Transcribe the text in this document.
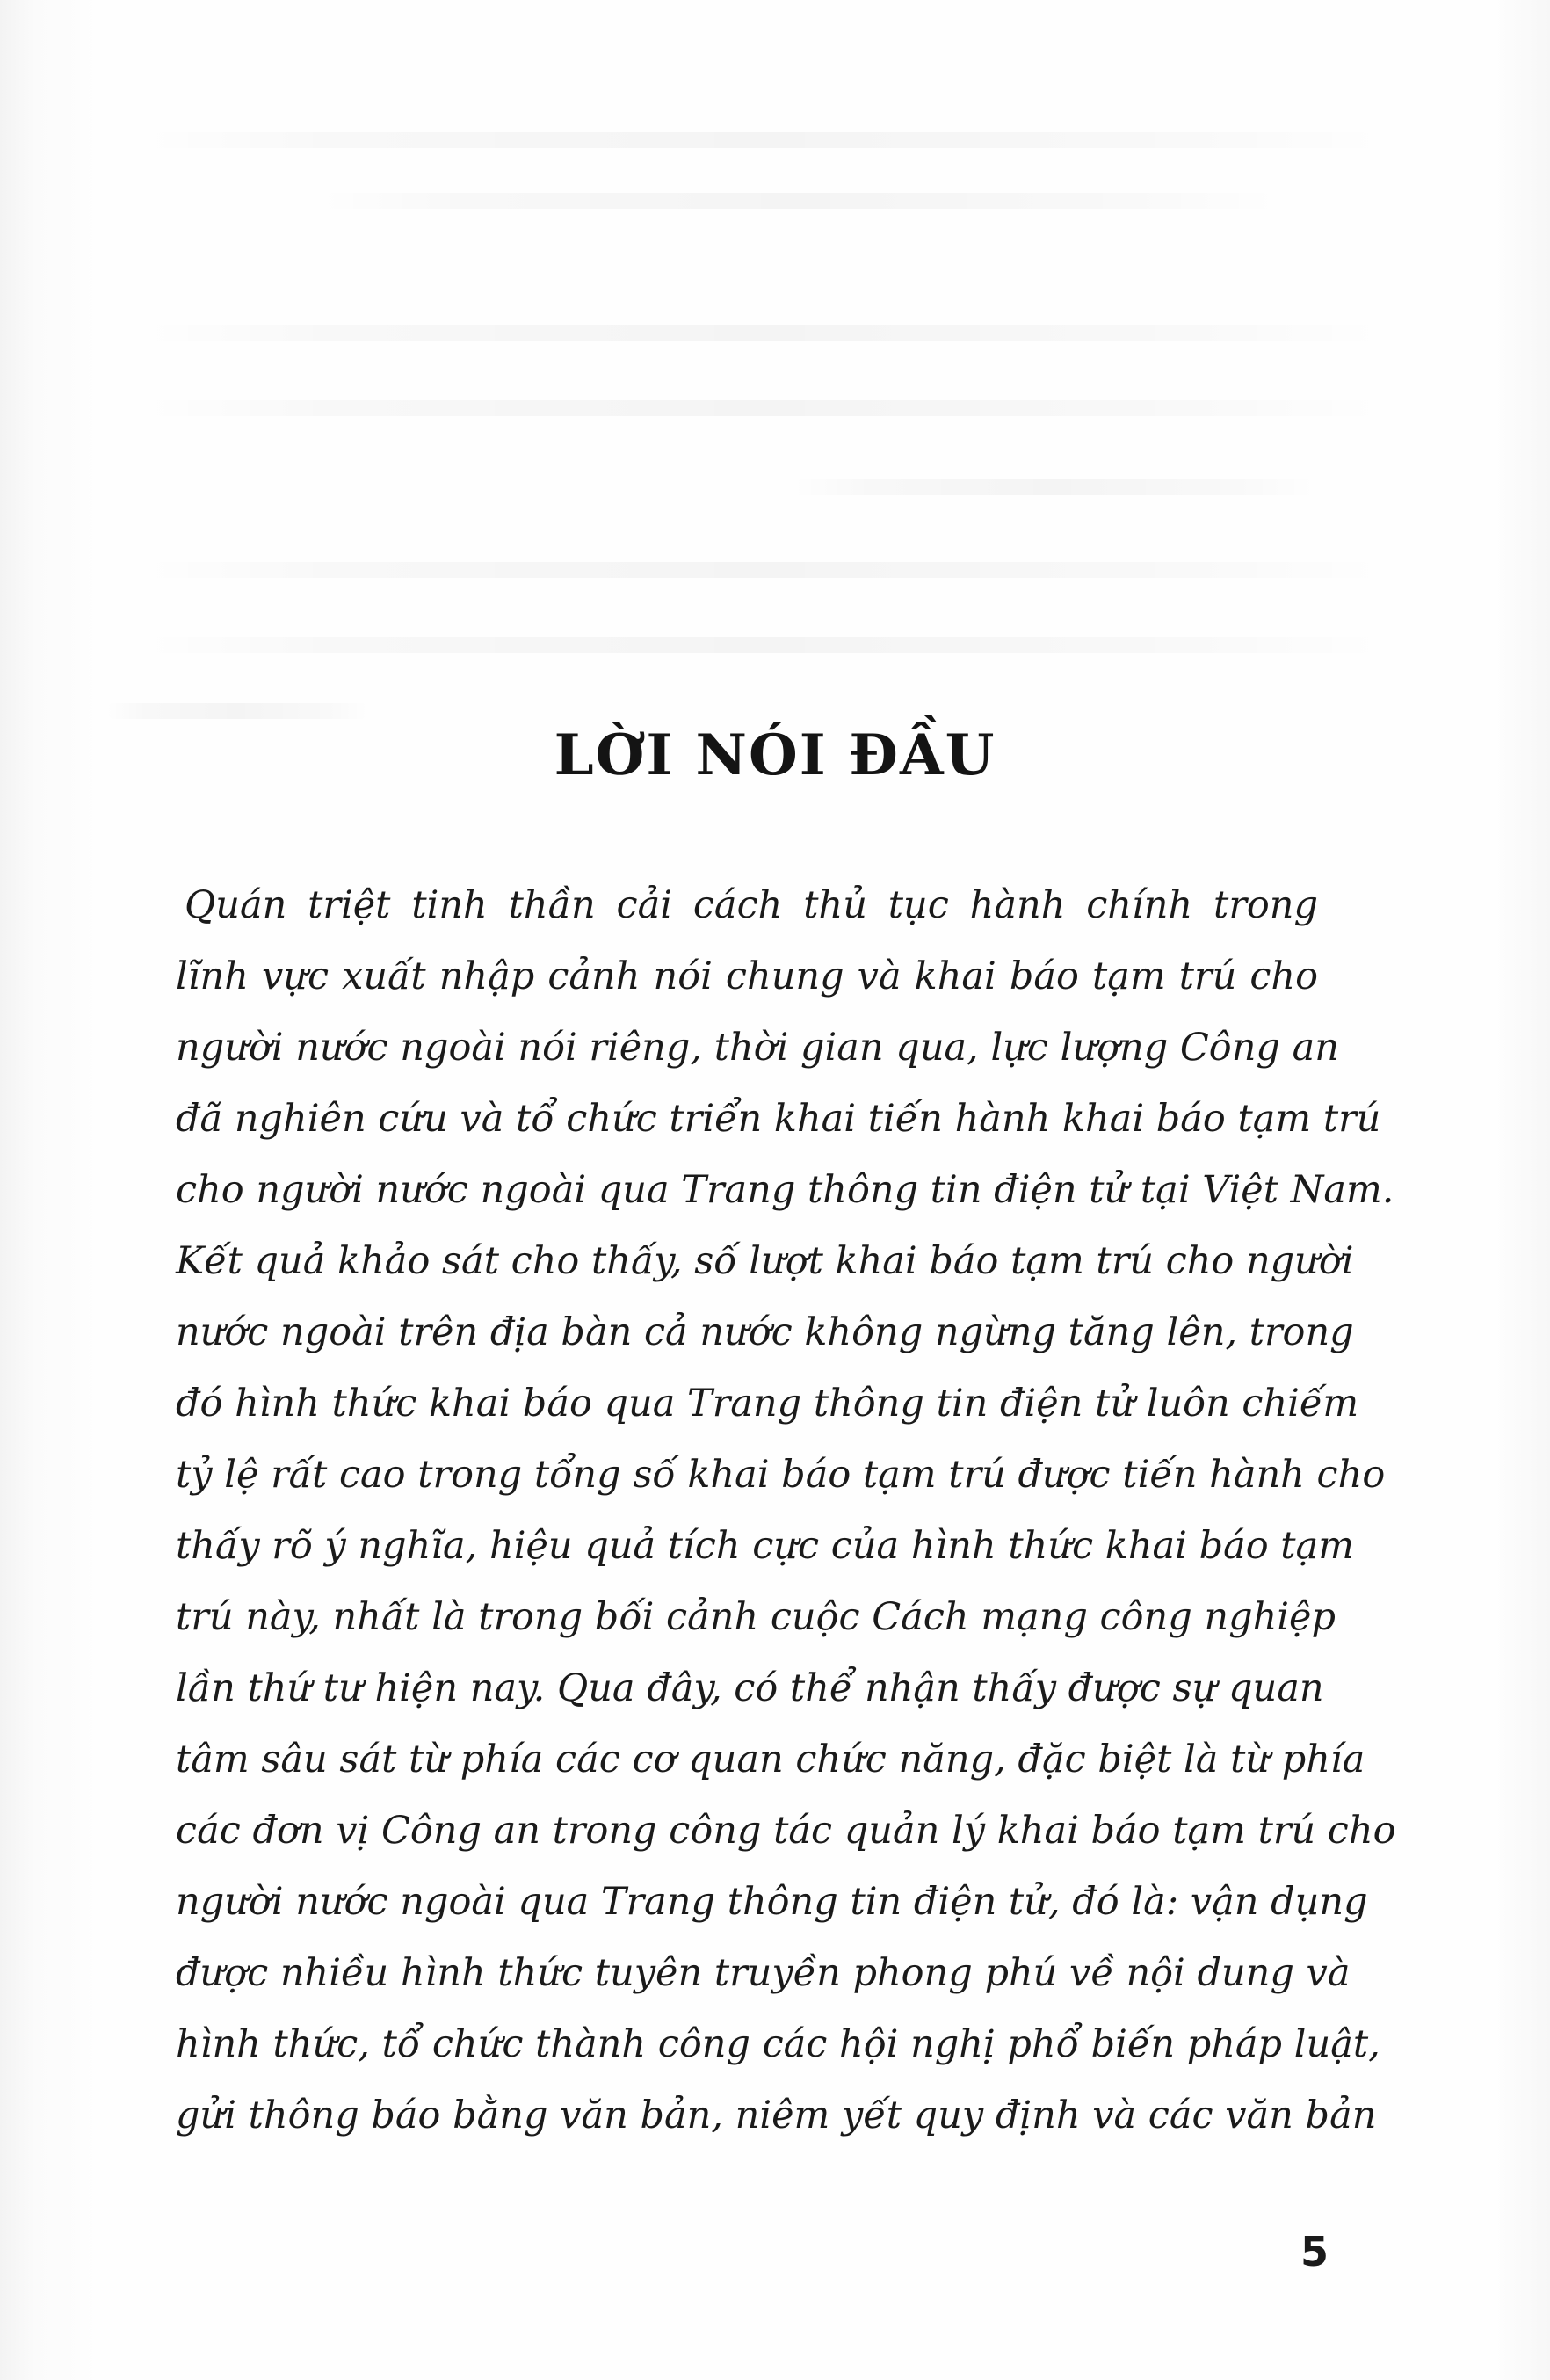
LỜI NÓI ĐẦU
Quán triệt tinh thần cải cách thủ tục hành chính trong
lĩnh vực xuất nhập cảnh nói chung và khai báo tạm trú cho
người nước ngoài nói riêng, thời gian qua, lực lượng Công an
đã nghiên cứu và tổ chức triển khai tiến hành khai báo tạm trú
cho người nước ngoài qua Trang thông tin điện tử tại Việt Nam.
Kết quả khảo sát cho thấy, số lượt khai báo tạm trú cho người
nước ngoài trên địa bàn cả nước không ngừng tăng lên, trong
đó hình thức khai báo qua Trang thông tin điện tử luôn chiếm
tỷ lệ rất cao trong tổng số khai báo tạm trú được tiến hành cho
thấy rõ ý nghĩa, hiệu quả tích cực của hình thức khai báo tạm
trú này, nhất là trong bối cảnh cuộc Cách mạng công nghiệp
lần thứ tư hiện nay. Qua đây, có thể nhận thấy được sự quan
tâm sâu sát từ phía các cơ quan chức năng, đặc biệt là từ phía
các đơn vị Công an trong công tác quản lý khai báo tạm trú cho
người nước ngoài qua Trang thông tin điện tử, đó là: vận dụng
được nhiều hình thức tuyên truyền phong phú về nội dung và
hình thức, tổ chức thành công các hội nghị phổ biến pháp luật,
gửi thông báo bằng văn bản, niêm yết quy định và các văn bản
5
